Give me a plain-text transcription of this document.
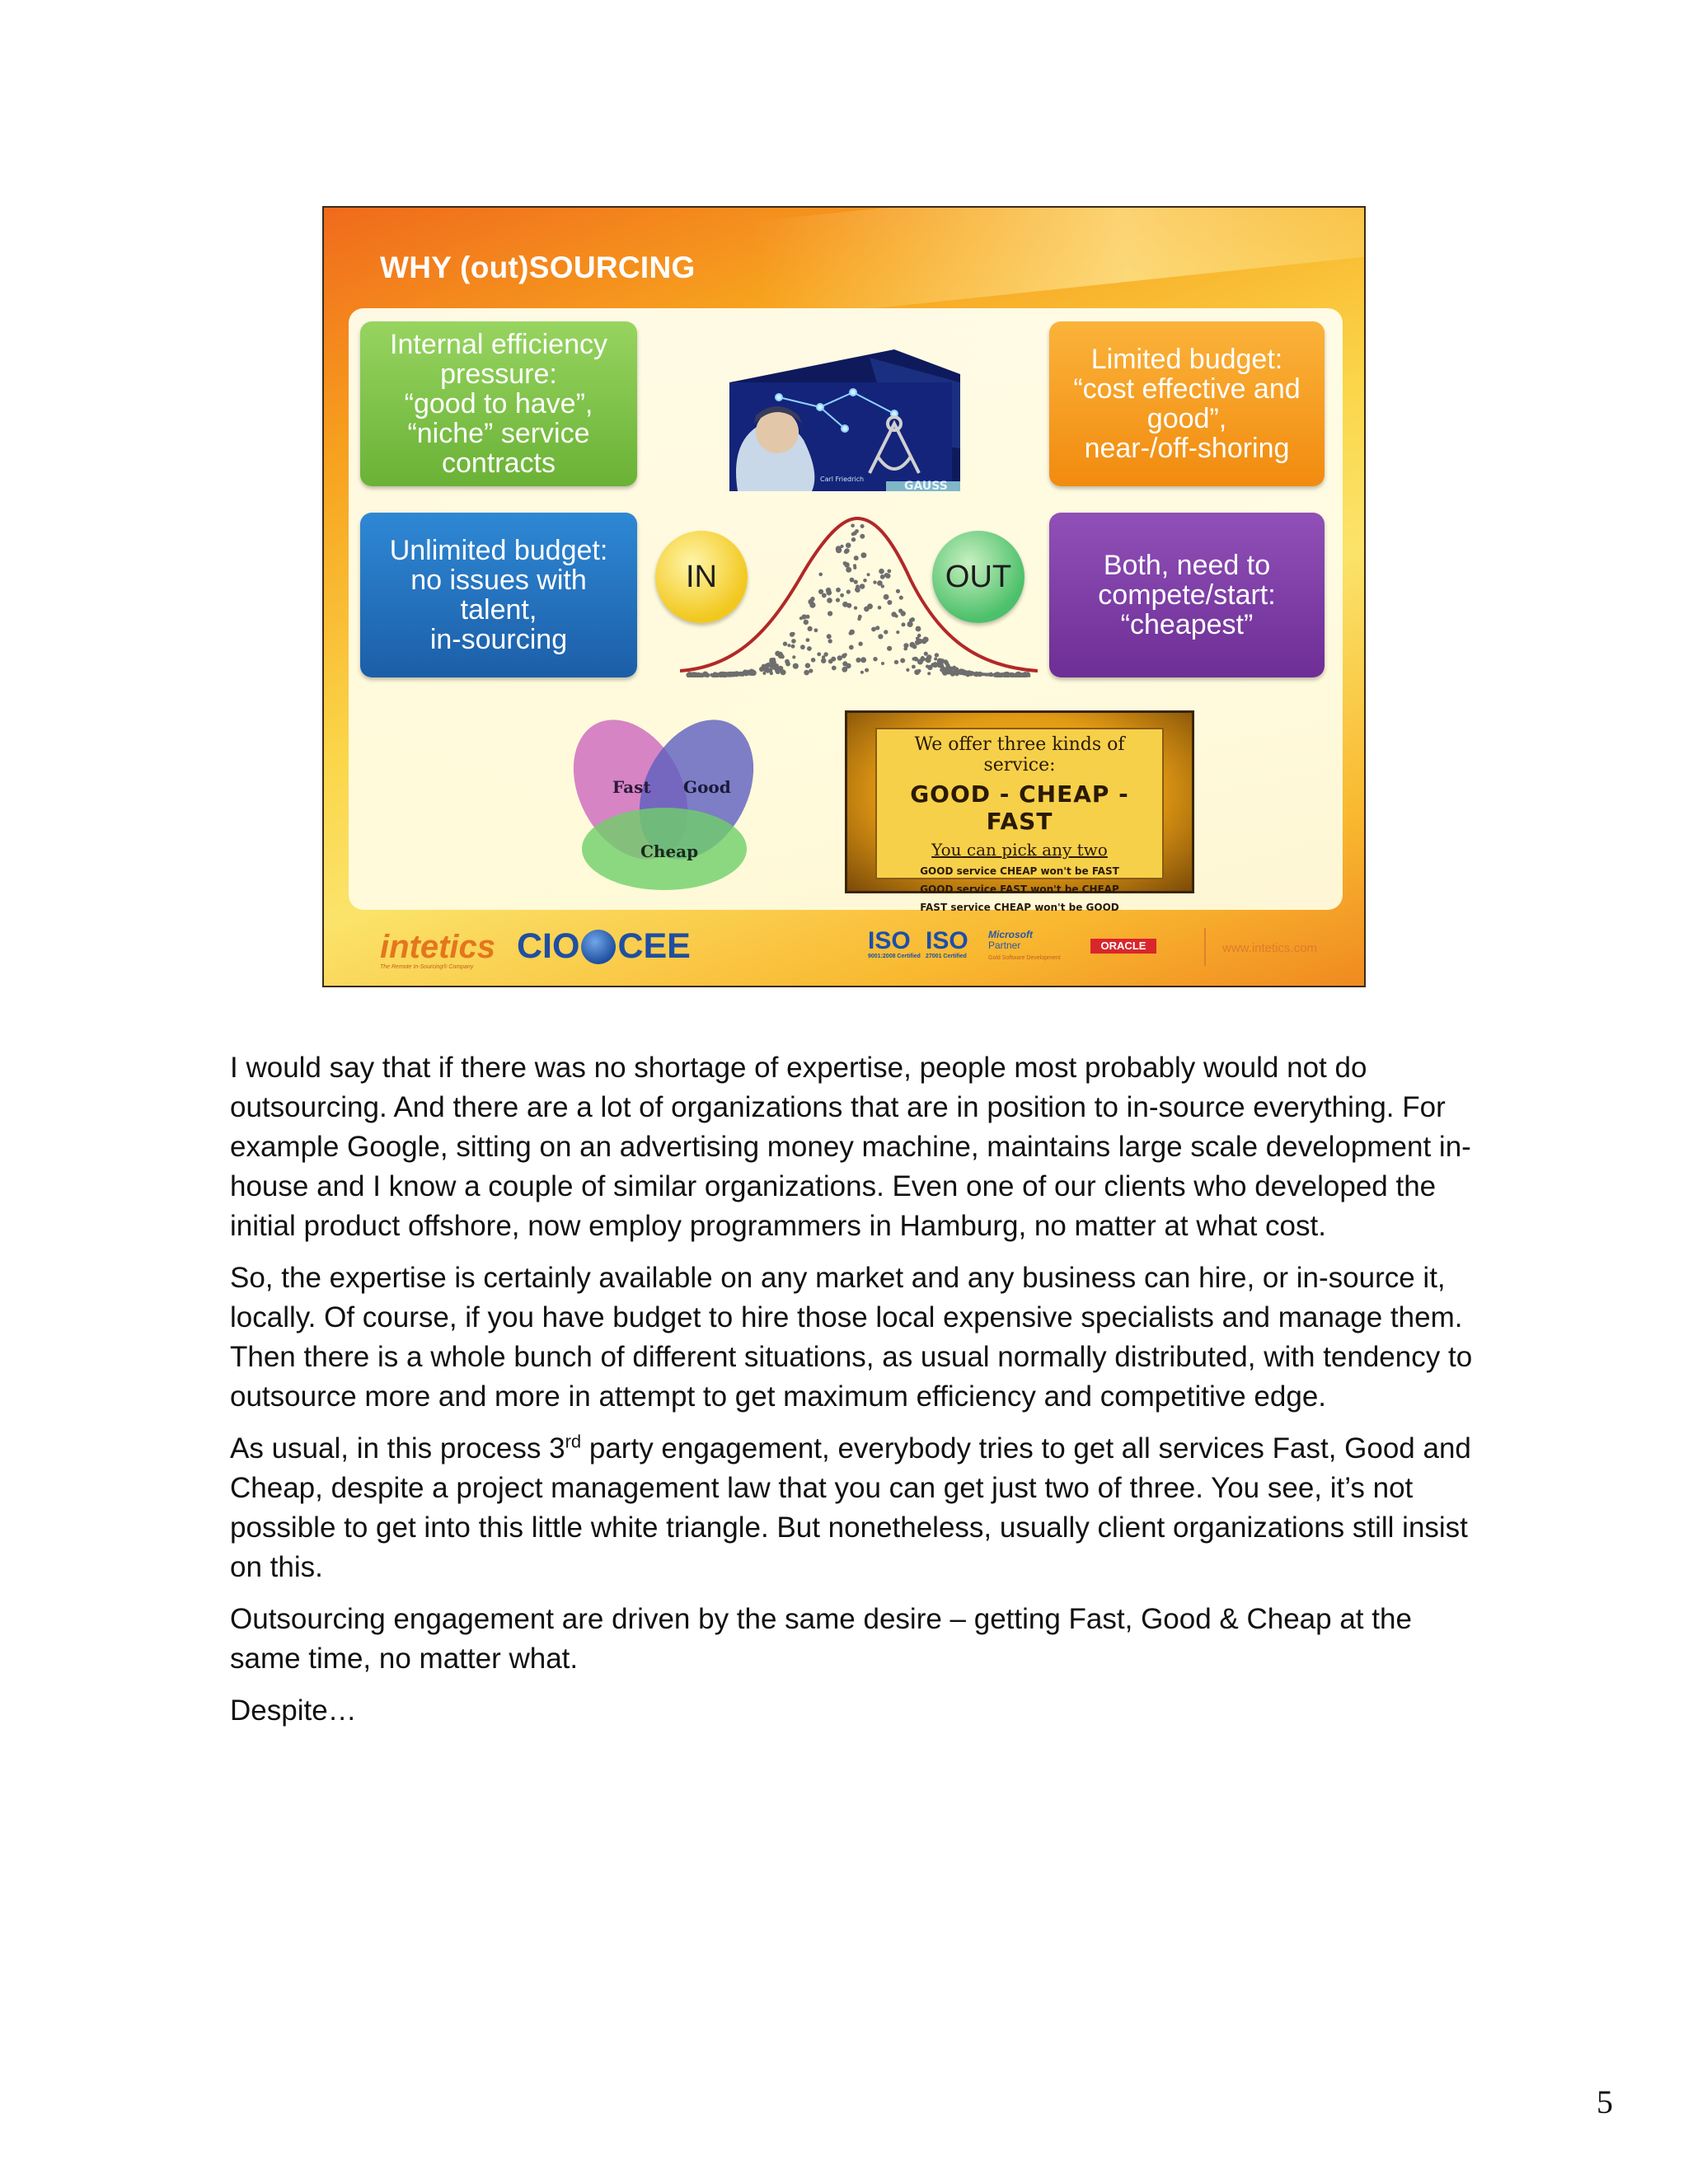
WHY (out)SOURCING
Internal efficiency
pressure:
“good to have”,
“niche” service
contracts
Limited budget:
“cost effective and
good”,
near-/off-shoring
Unlimited budget:
no issues with
talent,
in-sourcing
Both, need to
compete/start:
“cheapest”
IN	OUT
Carl Friedrich
GAUSS
Fast Good
Cheap
We offer three kinds of service:
GOOD - CHEAP - FAST
You can pick any two
GOOD service CHEAP won't be FAST
GOOD service FAST won't be CHEAP
FAST service CHEAP won't be GOOD
intetics
The Remote In-Sourcing® Company
CIO CEE	ISO
9001:2008 Certified
ISO
27001 Certified
Microsoft
Partner
Gold Software Development
ORACLE	www.intetics.com

I would say that if there was no shortage of expertise, people most probably would not do outsourcing. And there are a lot of organizations that are in position to in-source everything. For example Google, sitting on an advertising money machine, maintains large scale development in-house and I know a couple of similar organizations. Even one of our clients who developed the initial product offshore, now employ programmers in Hamburg, no matter at what cost.

So, the expertise is certainly available on any market and any business can hire, or in-source it, locally. Of course, if you have budget to hire those local expensive specialists and manage them. Then there is a whole bunch of different situations, as usual normally distributed, with tendency to outsource more and more in attempt to get maximum efficiency and competitive edge.

As usual, in this process 3rd party engagement, everybody tries to get all services Fast, Good and Cheap, despite a project management law that you can get just two of three. You see, it’s not possible to get into this little white triangle. But nonetheless, usually client organizations still insist on this.

Outsourcing engagement are driven by the same desire – getting Fast, Good & Cheap at the same time, no matter what.

Despite…

5
